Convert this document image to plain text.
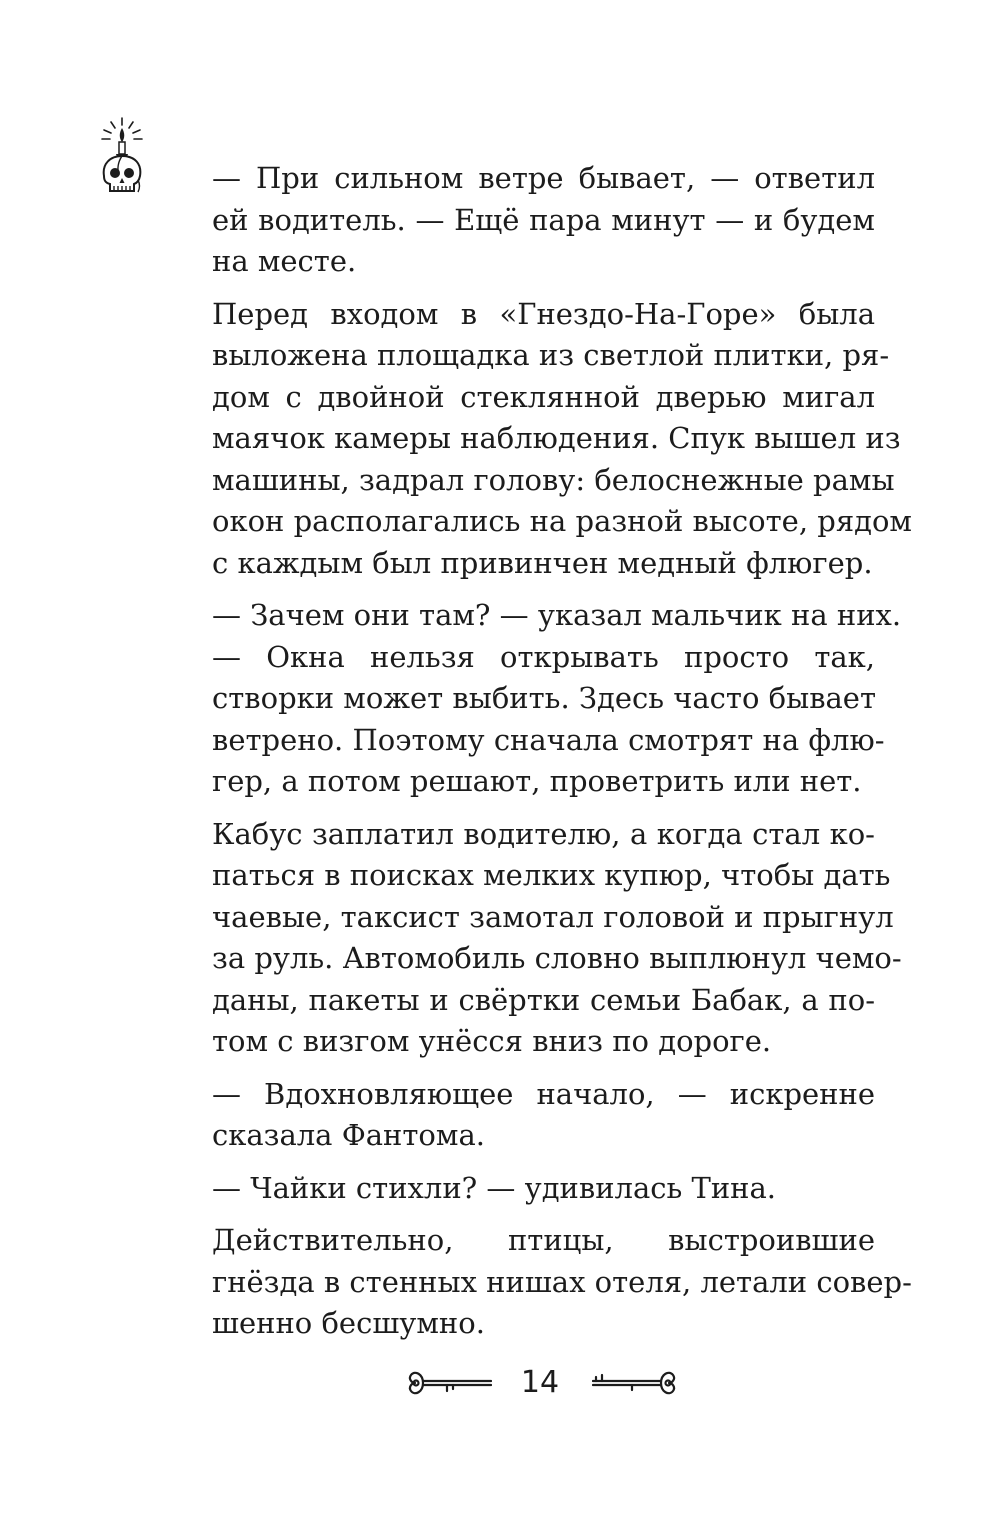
— При сильном ветре бывает, — ответил
ей водитель. — Ещё пара минут — и будем
на месте.
Перед входом в «Гнездо-На-Горе» была
выложена площадка из светлой плитки, ря-
дом с двойной стеклянной дверью мигал
маячок камеры наблюдения. Спук вышел из
машины, задрал голову: белоснежные рамы
окон располагались на разной высоте, рядом
с каждым был привинчен медный флюгер.
— Зачем они там? — указал мальчик на них.
— Окна нельзя открывать просто так,
створки может выбить. Здесь часто бывает
ветрено. Поэтому сначала смотрят на флю-
гер, а потом решают, проветрить или нет.
Кабус заплатил водителю, а когда стал ко-
паться в поисках мелких купюр, чтобы дать
чаевые, таксист замотал головой и прыгнул
за руль. Автомобиль словно выплюнул чемо-
даны, пакеты и свёртки семьи Бабак, а по-
том с визгом унёсся вниз по дороге.
— Вдохновляющее начало, — искренне
сказала Фантома.
— Чайки стихли? — удивилась Тина.
Действительно, птицы, выстроившие
гнёзда в стенных нишах отеля, летали совер-
шенно бесшумно.
14
